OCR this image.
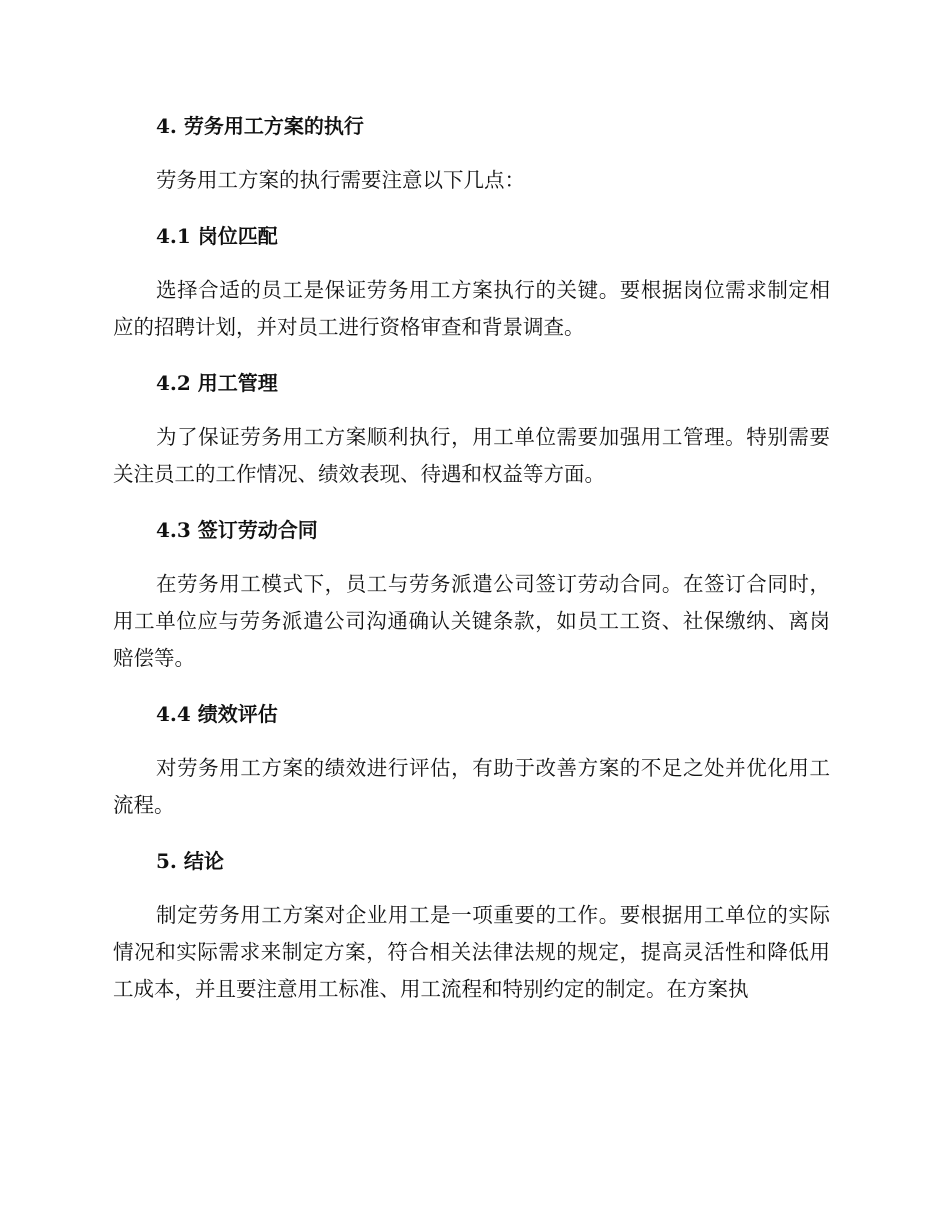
4. 劳务用工方案的执行

劳务用工方案的执行需要注意以下几点：

4.1 岗位匹配

选择合适的员工是保证劳务用工方案执行的关键。要根据岗位需求制定相应的招聘计划，并对员工进行资格审查和背景调查。

4.2 用工管理

为了保证劳务用工方案顺利执行，用工单位需要加强用工管理。特别需要关注员工的工作情况、绩效表现、待遇和权益等方面。

4.3 签订劳动合同

在劳务用工模式下，员工与劳务派遣公司签订劳动合同。在签订合同时，用工单位应与劳务派遣公司沟通确认关键条款，如员工工资、社保缴纳、离岗赔偿等。

4.4 绩效评估

对劳务用工方案的绩效进行评估，有助于改善方案的不足之处并优化用工流程。

5. 结论

制定劳务用工方案对企业用工是一项重要的工作。要根据用工单位的实际情况和实际需求来制定方案，符合相关法律法规的规定，提高灵活性和降低用工成本，并且要注意用工标准、用工流程和特别约定的制定。在方案执
